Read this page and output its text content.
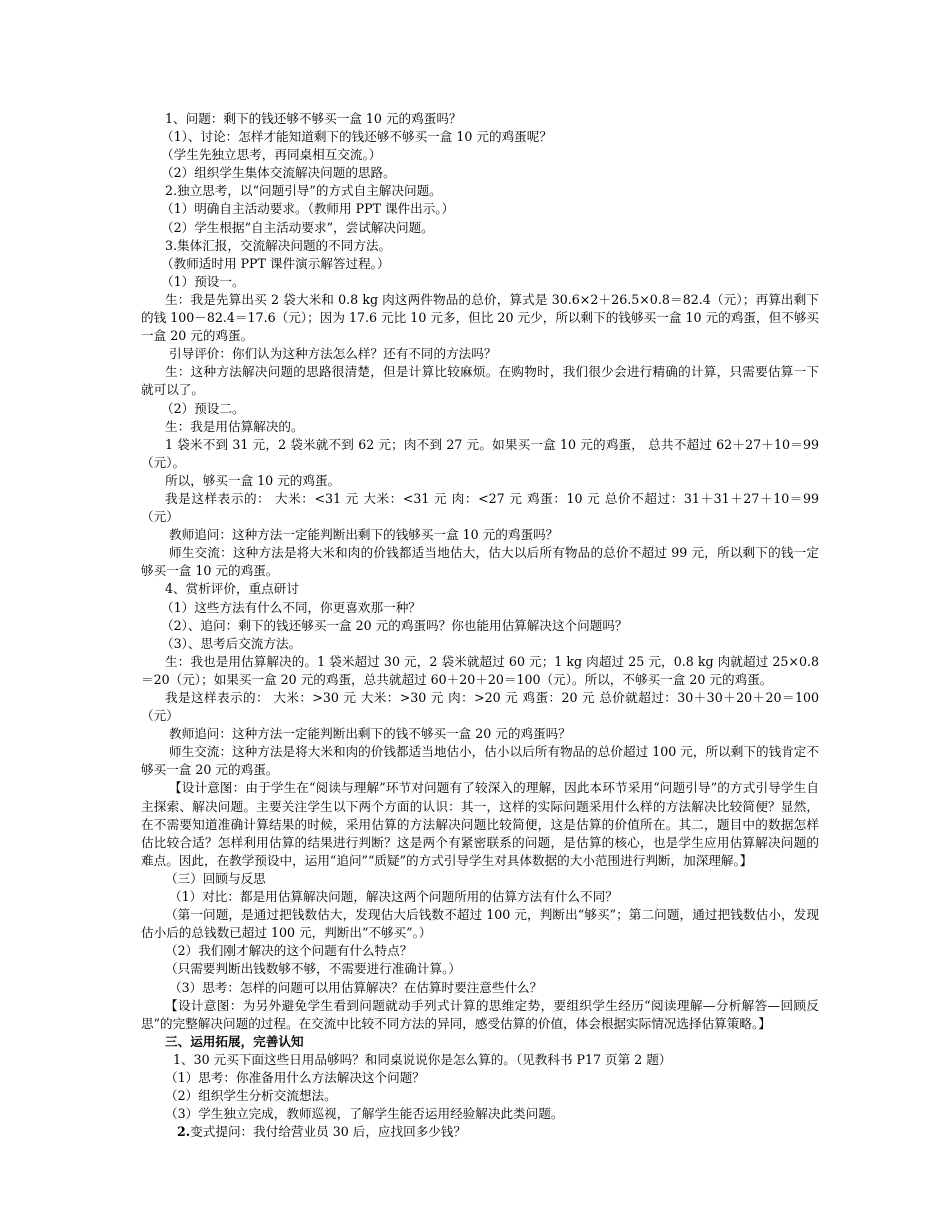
1、问题：剩下的钱还够不够买一盒 10 元的鸡蛋吗？
（1）、讨论：怎样才能知道剩下的钱还够不够买一盒 10 元的鸡蛋呢？
（学生先独立思考，再同桌相互交流。）
（2）组织学生集体交流解决问题的思路。
2.独立思考，以“问题引导”的方式自主解决问题。
（1）明确自主活动要求。（教师用 PPT 课件出示。）
（2）学生根据“自主活动要求”，尝试解决问题。
3.集体汇报，交流解决问题的不同方法。
（教师适时用 PPT 课件演示解答过程。）
（1）预设一。
生：我是先算出买 2 袋大米和 0.8 kg 肉这两件物品的总价，算式是 30.6×2＋26.5×0.8＝82.4（元）；再算出剩下的钱 100－82.4＝17.6（元）；因为 17.6 元比 10 元多，但比 20 元少，所以剩下的钱够买一盒 10 元的鸡蛋，但不够买一盒 20 元的鸡蛋。
引导评价：你们认为这种方法怎么样？还有不同的方法吗？
生：这种方法解决问题的思路很清楚，但是计算比较麻烦。在购物时，我们很少会进行精确的计算，只需要估算一下就可以了。
（2）预设二。
生：我是用估算解决的。
1 袋米不到 31 元，2 袋米就不到 62 元；肉不到 27 元。如果买一盒 10 元的鸡蛋， 总共不超过 62＋27＋10＝99（元）。
所以，够买一盒 10 元的鸡蛋。
我是这样表示的： 大米：<31 元 大米：<31 元 肉：<27 元 鸡蛋：10 元 总价不超过：31＋31＋27＋10＝99（元）
教师追问：这种方法一定能判断出剩下的钱够买一盒 10 元的鸡蛋吗？
师生交流：这种方法是将大米和肉的价钱都适当地估大，估大以后所有物品的总价不超过 99 元，所以剩下的钱一定够买一盒 10 元的鸡蛋。
4、赏析评价，重点研讨
（1）这些方法有什么不同，你更喜欢那一种？
（2）、追问：剩下的钱还够买一盒 20 元的鸡蛋吗？你也能用估算解决这个问题吗？
（3）、思考后交流方法。
生：我也是用估算解决的。1 袋米超过 30 元，2 袋米就超过 60 元；1 kg 肉超过 25 元，0.8 kg 肉就超过 25×0.8＝20（元）；如果买一盒 20 元的鸡蛋，总共就超过 60＋20＋20＝100（元）。所以，不够买一盒 20 元的鸡蛋。
我是这样表示的： 大米：>30 元 大米：>30 元 肉：>20 元 鸡蛋：20 元 总价就超过：30＋30＋20＋20＝100（元）
教师追问：这种方法一定能判断出剩下的钱不够买一盒 20 元的鸡蛋吗？
师生交流：这种方法是将大米和肉的价钱都适当地估小，估小以后所有物品的总价超过 100 元，所以剩下的钱肯定不够买一盒 20 元的鸡蛋。
【设计意图：由于学生在“阅读与理解”环节对问题有了较深入的理解，因此本环节采用“问题引导”的方式引导学生自主探索、解决问题。主要关注学生以下两个方面的认识：其一，这样的实际问题采用什么样的方法解决比较简便？显然，在不需要知道准确计算结果的时候，采用估算的方法解决问题比较简便，这是估算的价值所在。其二，题目中的数据怎样估比较合适？怎样利用估算的结果进行判断？这是两个有紧密联系的问题，是估算的核心，也是学生应用估算解决问题的难点。因此，在教学预设中，运用“追问”“质疑”的方式引导学生对具体数据的大小范围进行判断，加深理解。】
（三）回顾与反思
（1）对比：都是用估算解决问题，解决这两个问题所用的估算方法有什么不同？
（第一问题，是通过把钱数估大，发现估大后钱数不超过 100 元，判断出“够买”；第二问题，通过把钱数估小，发现估小后的总钱数已超过 100 元，判断出“不够买”。）
（2）我们刚才解决的这个问题有什么特点？
（只需要判断出钱数够不够，不需要进行准确计算。）
（3）思考：怎样的问题可以用估算解决？在估算时要注意些什么？
【设计意图：为另外避免学生看到问题就动手列式计算的思维定势，要组织学生经历“阅读理解—分析解答—回顾反思”的完整解决问题的过程。在交流中比较不同方法的异同，感受估算的价值，体会根据实际情况选择估算策略。】
三、运用拓展，完善认知
1、30 元买下面这些日用品够吗？和同桌说说你是怎么算的。（见教科书 P17 页第 2 题）
（1）思考：你准备用什么方法解决这个问题？
（2）组织学生分析交流想法。
（3）学生独立完成，教师巡视，了解学生能否运用经验解决此类问题。
2.变式提问：我付给营业员 30 后，应找回多少钱？
